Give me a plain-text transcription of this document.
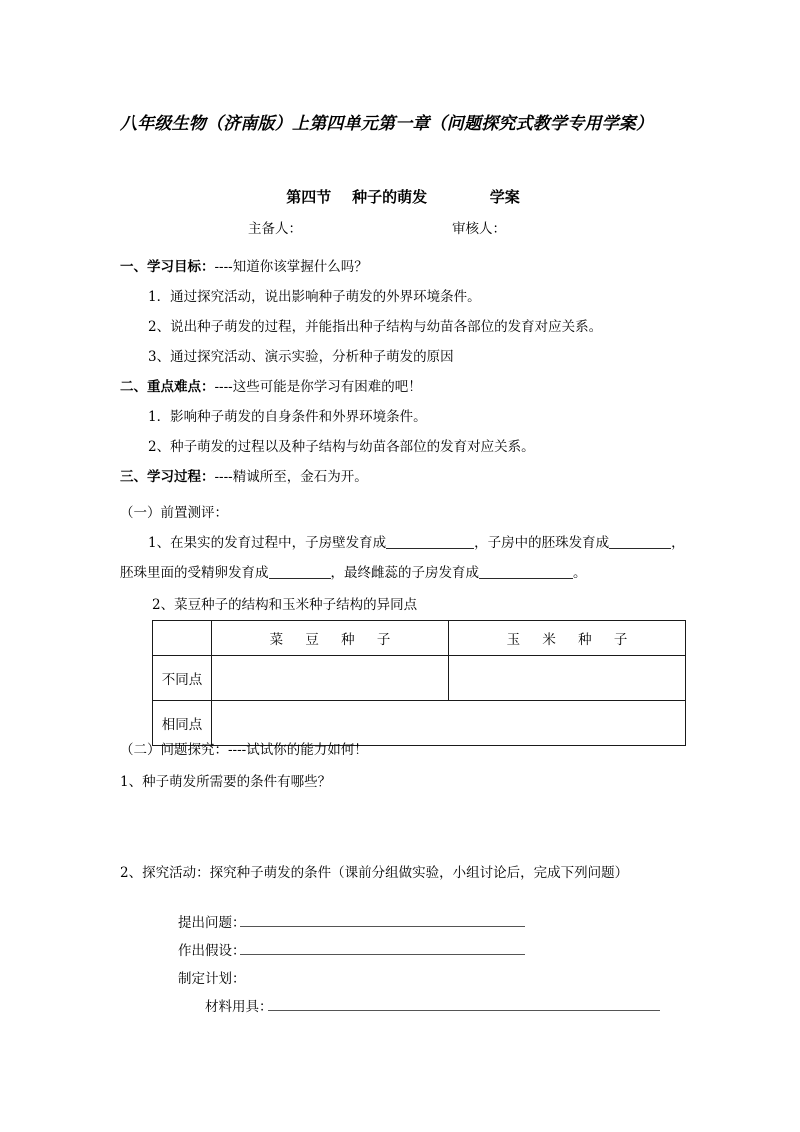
八年级生物（济南版）上第四单元第一章（问题探究式教学专用学案）
第四节    种子的萌发            学案
主备人：	审核人：
一、学习目标：----知道你该掌握什么吗？
1．通过探究活动，说出影响种子萌发的外界环境条件。
2、说出种子萌发的过程，并能指出种子结构与幼苗各部位的发育对应关系。
3、通过探究活动、演示实验，分析种子萌发的原因
二、重点难点：----这些可能是你学习有困难的吧！
1．影响种子萌发的自身条件和外界环境条件。
2、种子萌发的过程以及种子结构与幼苗各部位的发育对应关系。
三、学习过程：----精诚所至，金石为开。
（一）前置测评：
1、在果实的发育过程中，子房壁发育成	，子房中的胚珠发育成	，胚珠里面的受精卵发育成	，最终雌蕊的子房发育成	。
2、菜豆种子的结构和玉米种子结构的异同点
	菜 豆 种 子	玉 米 种 子
不同点		
相同点		
（二）问题探究：----试试你的能力如何！
1、种子萌发所需要的条件有哪些？
2、探究活动：探究种子萌发的条件（课前分组做实验，小组讨论后，完成下列问题）
提出问题：
作出假设：
制定计划：
材料用具：
